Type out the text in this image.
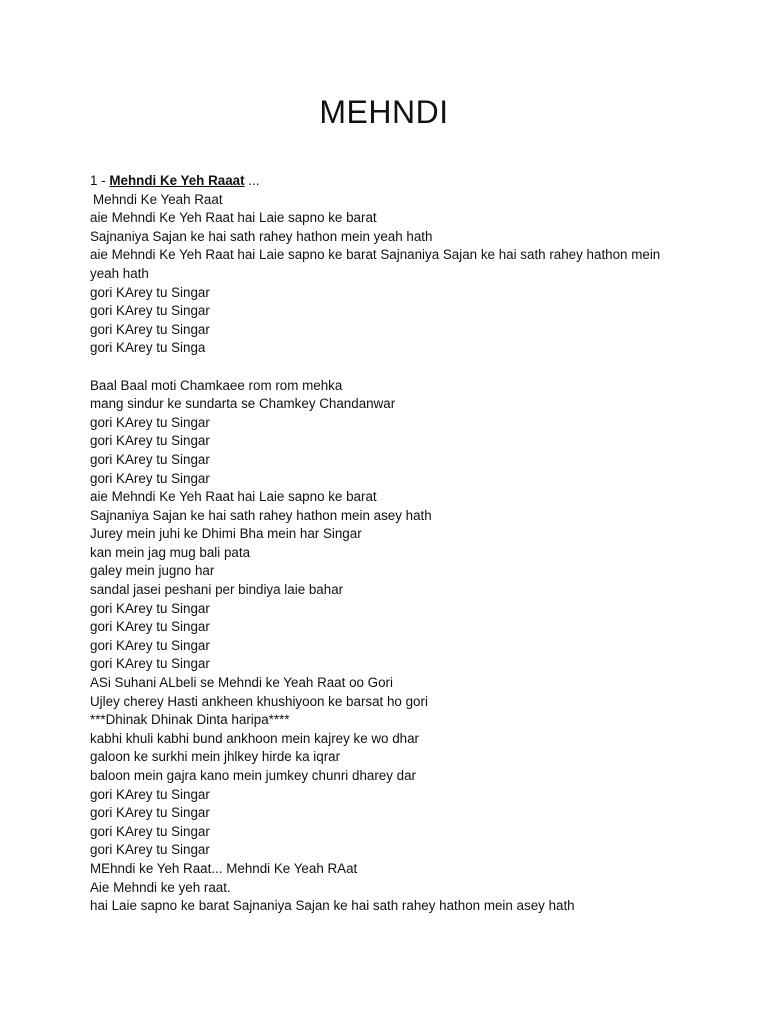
MEHNDI
1 - Mehndi Ke Yeh Raaat ...
Mehndi Ke Yeah Raat
aie Mehndi Ke Yeh Raat hai Laie sapno ke barat
Sajnaniya Sajan ke hai sath rahey hathon mein yeah hath
aie Mehndi Ke Yeh Raat hai Laie sapno ke barat Sajnaniya Sajan ke hai sath rahey hathon mein yeah hath
gori KArey tu Singar
gori KArey tu Singar
gori KArey tu Singar
gori KArey tu Singa
Baal Baal moti Chamkaee rom rom mehka
mang sindur ke sundarta se Chamkey Chandanwar
gori KArey tu Singar
gori KArey tu Singar
gori KArey tu Singar
gori KArey tu Singar
aie Mehndi Ke Yeh Raat hai Laie sapno ke barat
Sajnaniya Sajan ke hai sath rahey hathon mein asey hath
Jurey mein juhi ke Dhimi Bha mein har Singar
kan mein jag mug bali pata
galey mein jugno har
sandal jasei peshani per bindiya laie bahar
gori KArey tu Singar
gori KArey tu Singar
gori KArey tu Singar
gori KArey tu Singar
ASi Suhani ALbeli se Mehndi ke Yeah Raat oo Gori
Ujley cherey Hasti ankheen khushiyoon ke barsat ho gori
***Dhinak Dhinak Dinta haripa****
kabhi khuli kabhi bund ankhoon mein kajrey ke wo dhar
galoon ke surkhi mein jhlkey hirde ka iqrar
baloon mein gajra kano mein jumkey chunri dharey dar
gori KArey tu Singar
gori KArey tu Singar
gori KArey tu Singar
gori KArey tu Singar
MEhndi ke Yeh Raat... Mehndi Ke Yeah RAat
Aie Mehndi ke yeh raat.
hai Laie sapno ke barat Sajnaniya Sajan ke hai sath rahey hathon mein asey hath
